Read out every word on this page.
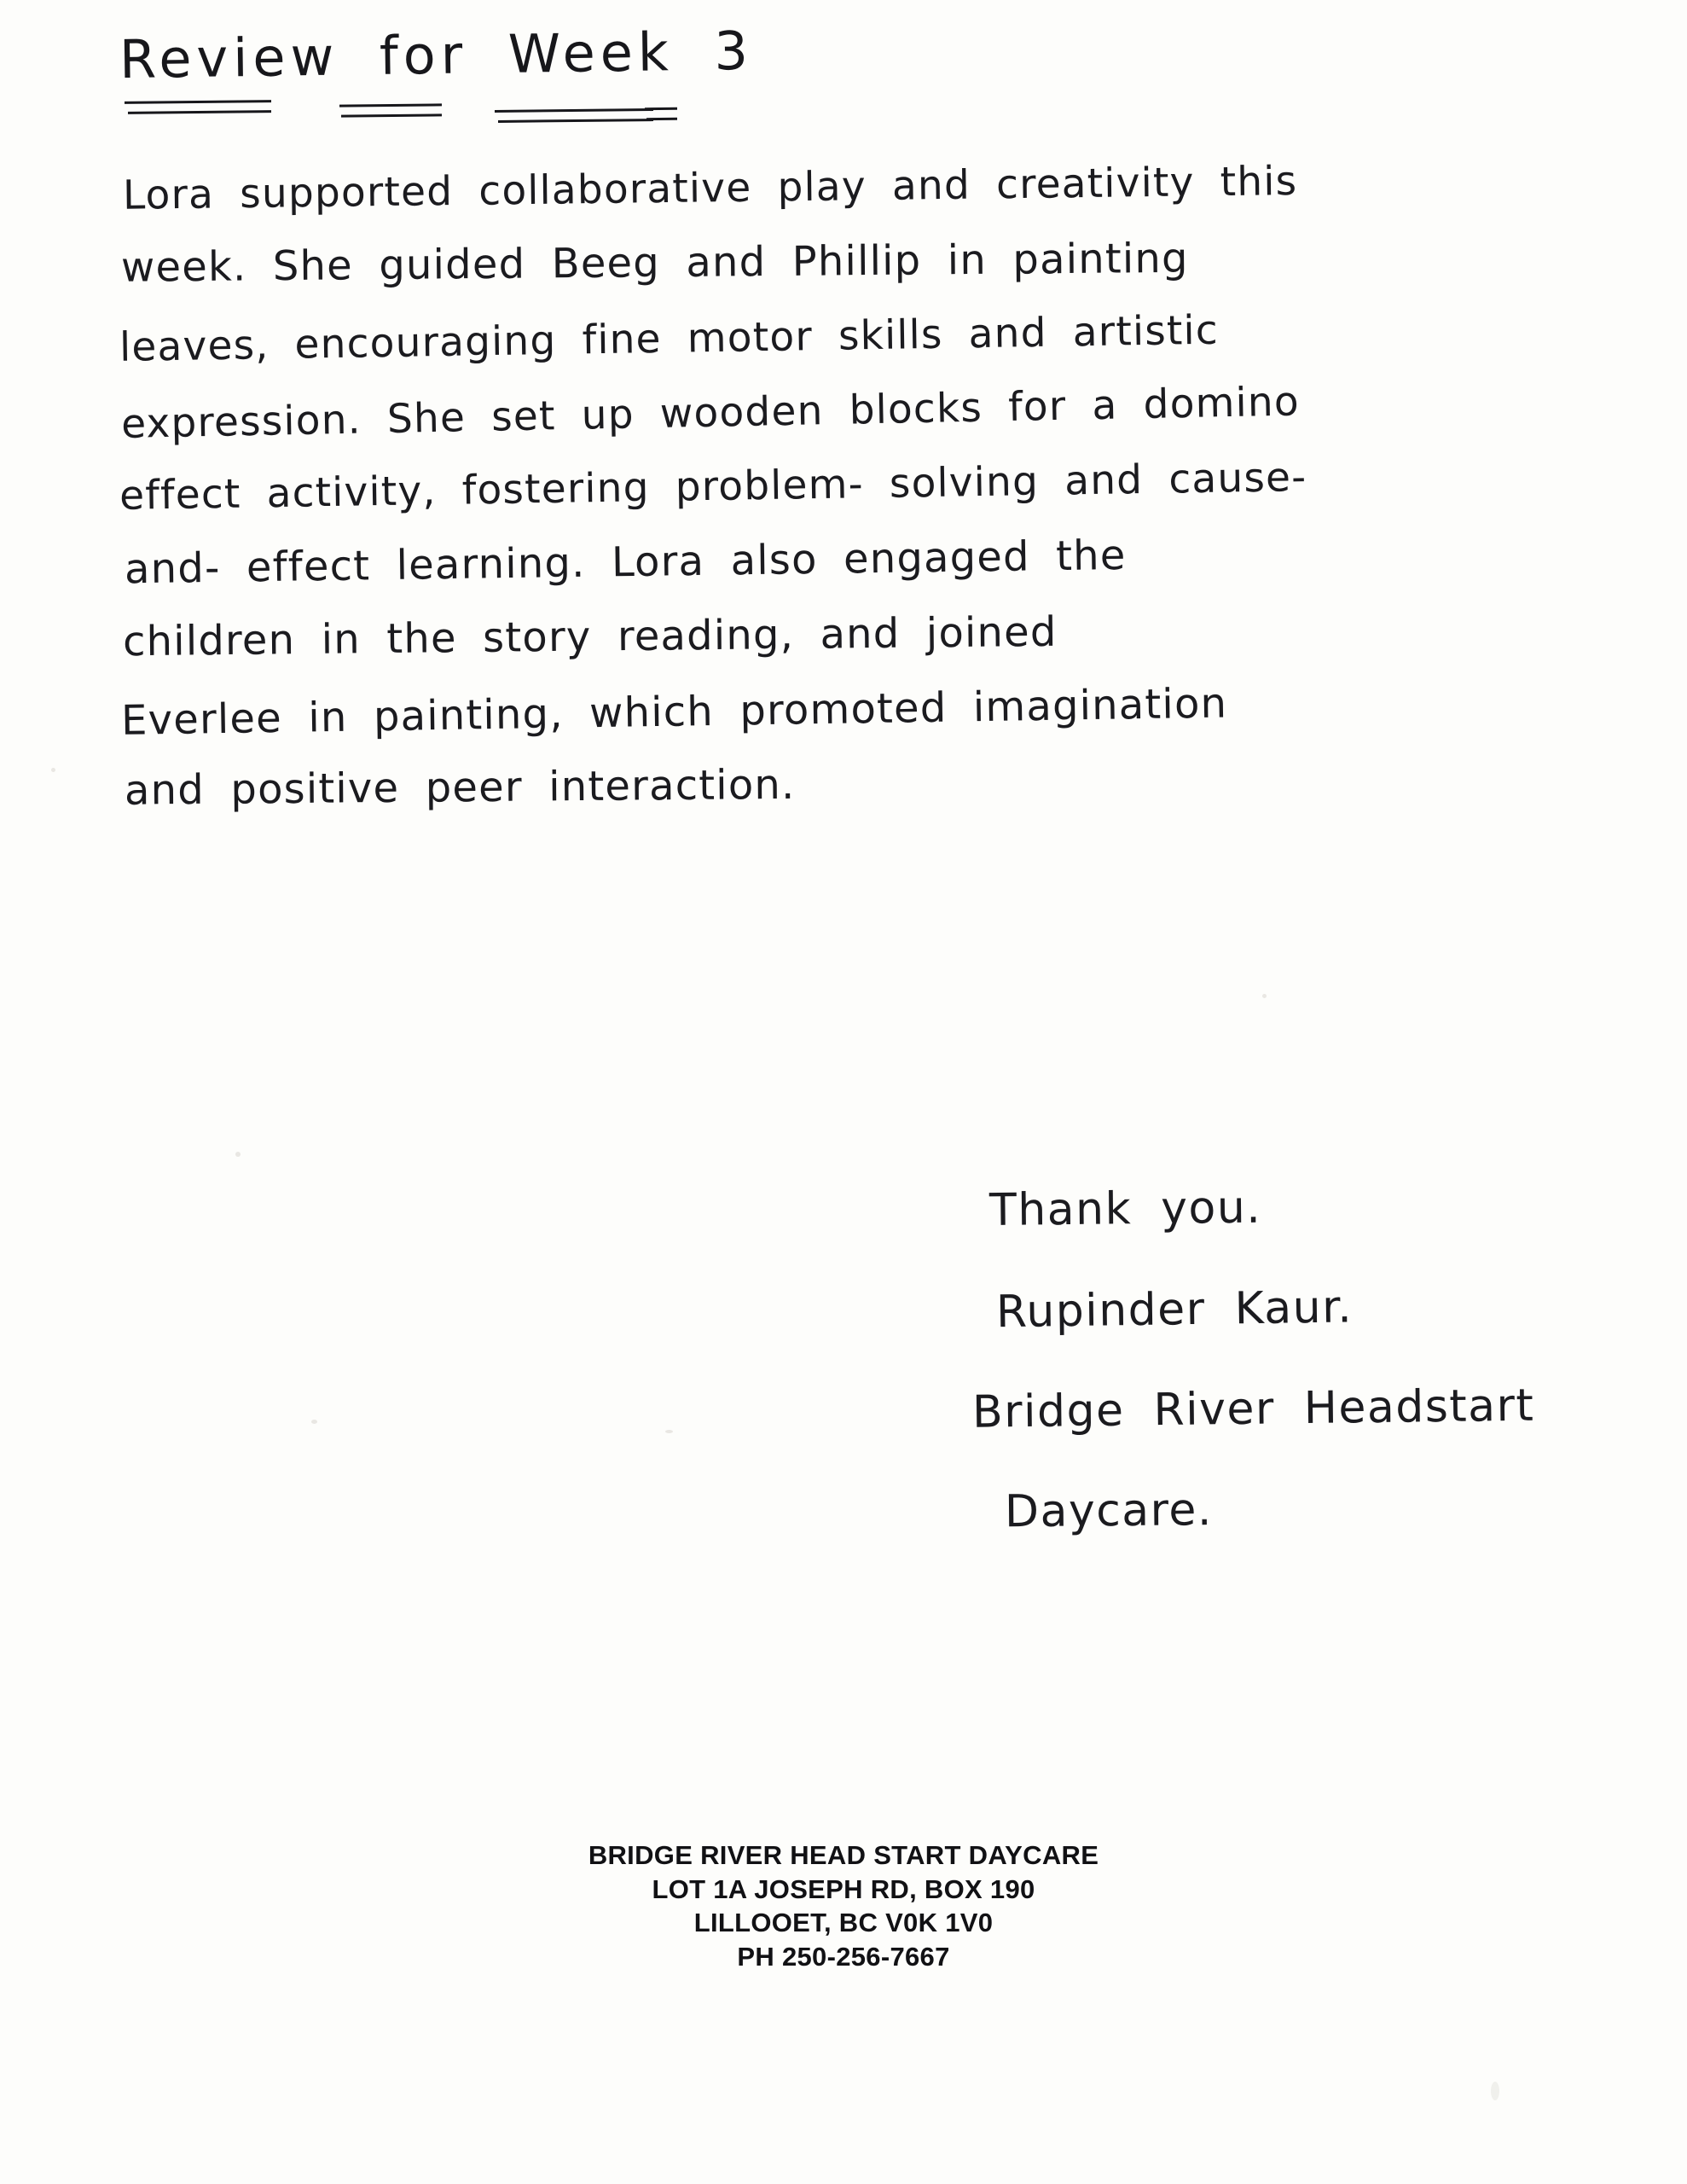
Review for Week 3
Lora supported collaborative play and creativity this
week. She guided Beeg and Phillip in painting
leaves, encouraging fine motor skills and artistic
expression. She set up wooden blocks for a domino
effect activity, fostering problem- solving and cause-
and- effect learning. Lora also engaged the
children in the story reading, and joined
Everlee in painting, which promoted imagination
and positive peer interaction.
Thank you.
Rupinder Kaur.
Bridge River Headstart
Daycare.
BRIDGE RIVER HEAD START DAYCARE
LOT 1A JOSEPH RD, BOX 190
LILLOOET, BC V0K 1V0
PH 250-256-7667
